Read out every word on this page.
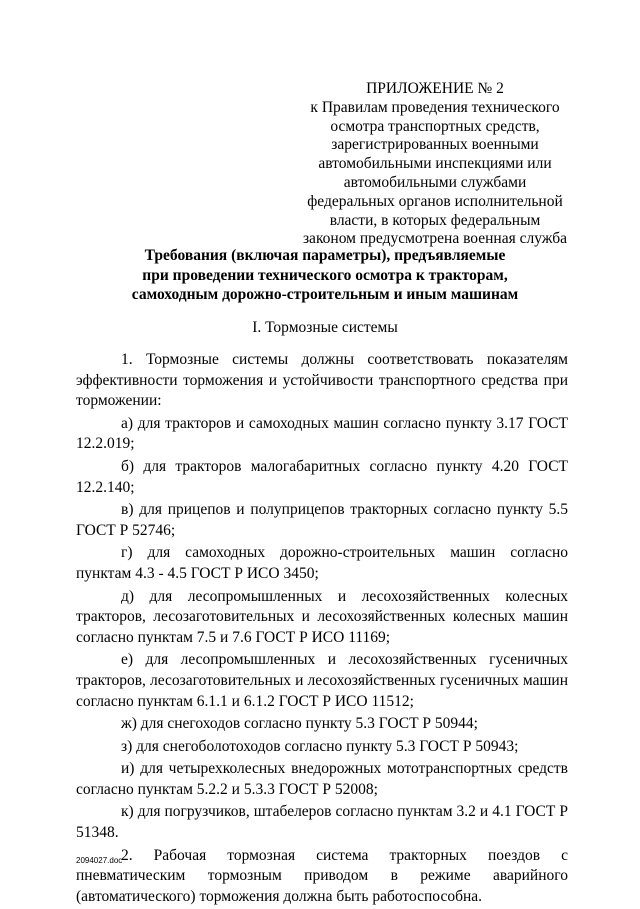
ПРИЛОЖЕНИЕ № 2
к Правилам проведения технического
осмотра транспортных средств,
зарегистрированных военными
автомобильными инспекциями или
автомобильными службами
федеральных органов исполнительной
власти, в которых федеральным
законом предусмотрена военная служба
Требования (включая параметры), предъявляемые
при проведении технического осмотра к тракторам,
самоходным дорожно-строительным и иным машинам
I. Тормозные системы

1. Тормозные системы должны соответствовать показателям эффективности торможения и устойчивости транспортного средства при торможении:

а) для тракторов и самоходных машин согласно пункту 3.17 ГОСТ 12.2.019;

б) для тракторов малогабаритных согласно пункту 4.20 ГОСТ 12.2.140;

в) для прицепов и полуприцепов тракторных согласно пункту 5.5 ГОСТ Р 52746;

г) для самоходных дорожно-строительных машин согласно пунктам 4.3 - 4.5 ГОСТ Р ИСО 3450;

д) для лесопромышленных и лесохозяйственных колесных тракторов, лесозаготовительных и лесохозяйственных колесных машин согласно пунктам 7.5 и 7.6 ГОСТ Р ИСО 11169;

е) для лесопромышленных и лесохозяйственных гусеничных тракторов, лесозаготовительных и лесохозяйственных гусеничных машин согласно пунктам 6.1.1 и 6.1.2 ГОСТ Р ИСО 11512;

ж) для снегоходов согласно пункту 5.3 ГОСТ Р 50944;

з) для снегоболотоходов согласно пункту 5.3 ГОСТ Р 50943;

и) для четырехколесных внедорожных мототранспортных средств согласно пунктам 5.2.2 и 5.3.3 ГОСТ Р 52008;

к) для погрузчиков, штабелеров согласно пунктам 3.2 и 4.1 ГОСТ Р 51348.

2. Рабочая тормозная система тракторных поездов с пневматическим тормозным приводом в режиме аварийного (автоматического) торможения должна быть работоспособна.

2094027.doc
